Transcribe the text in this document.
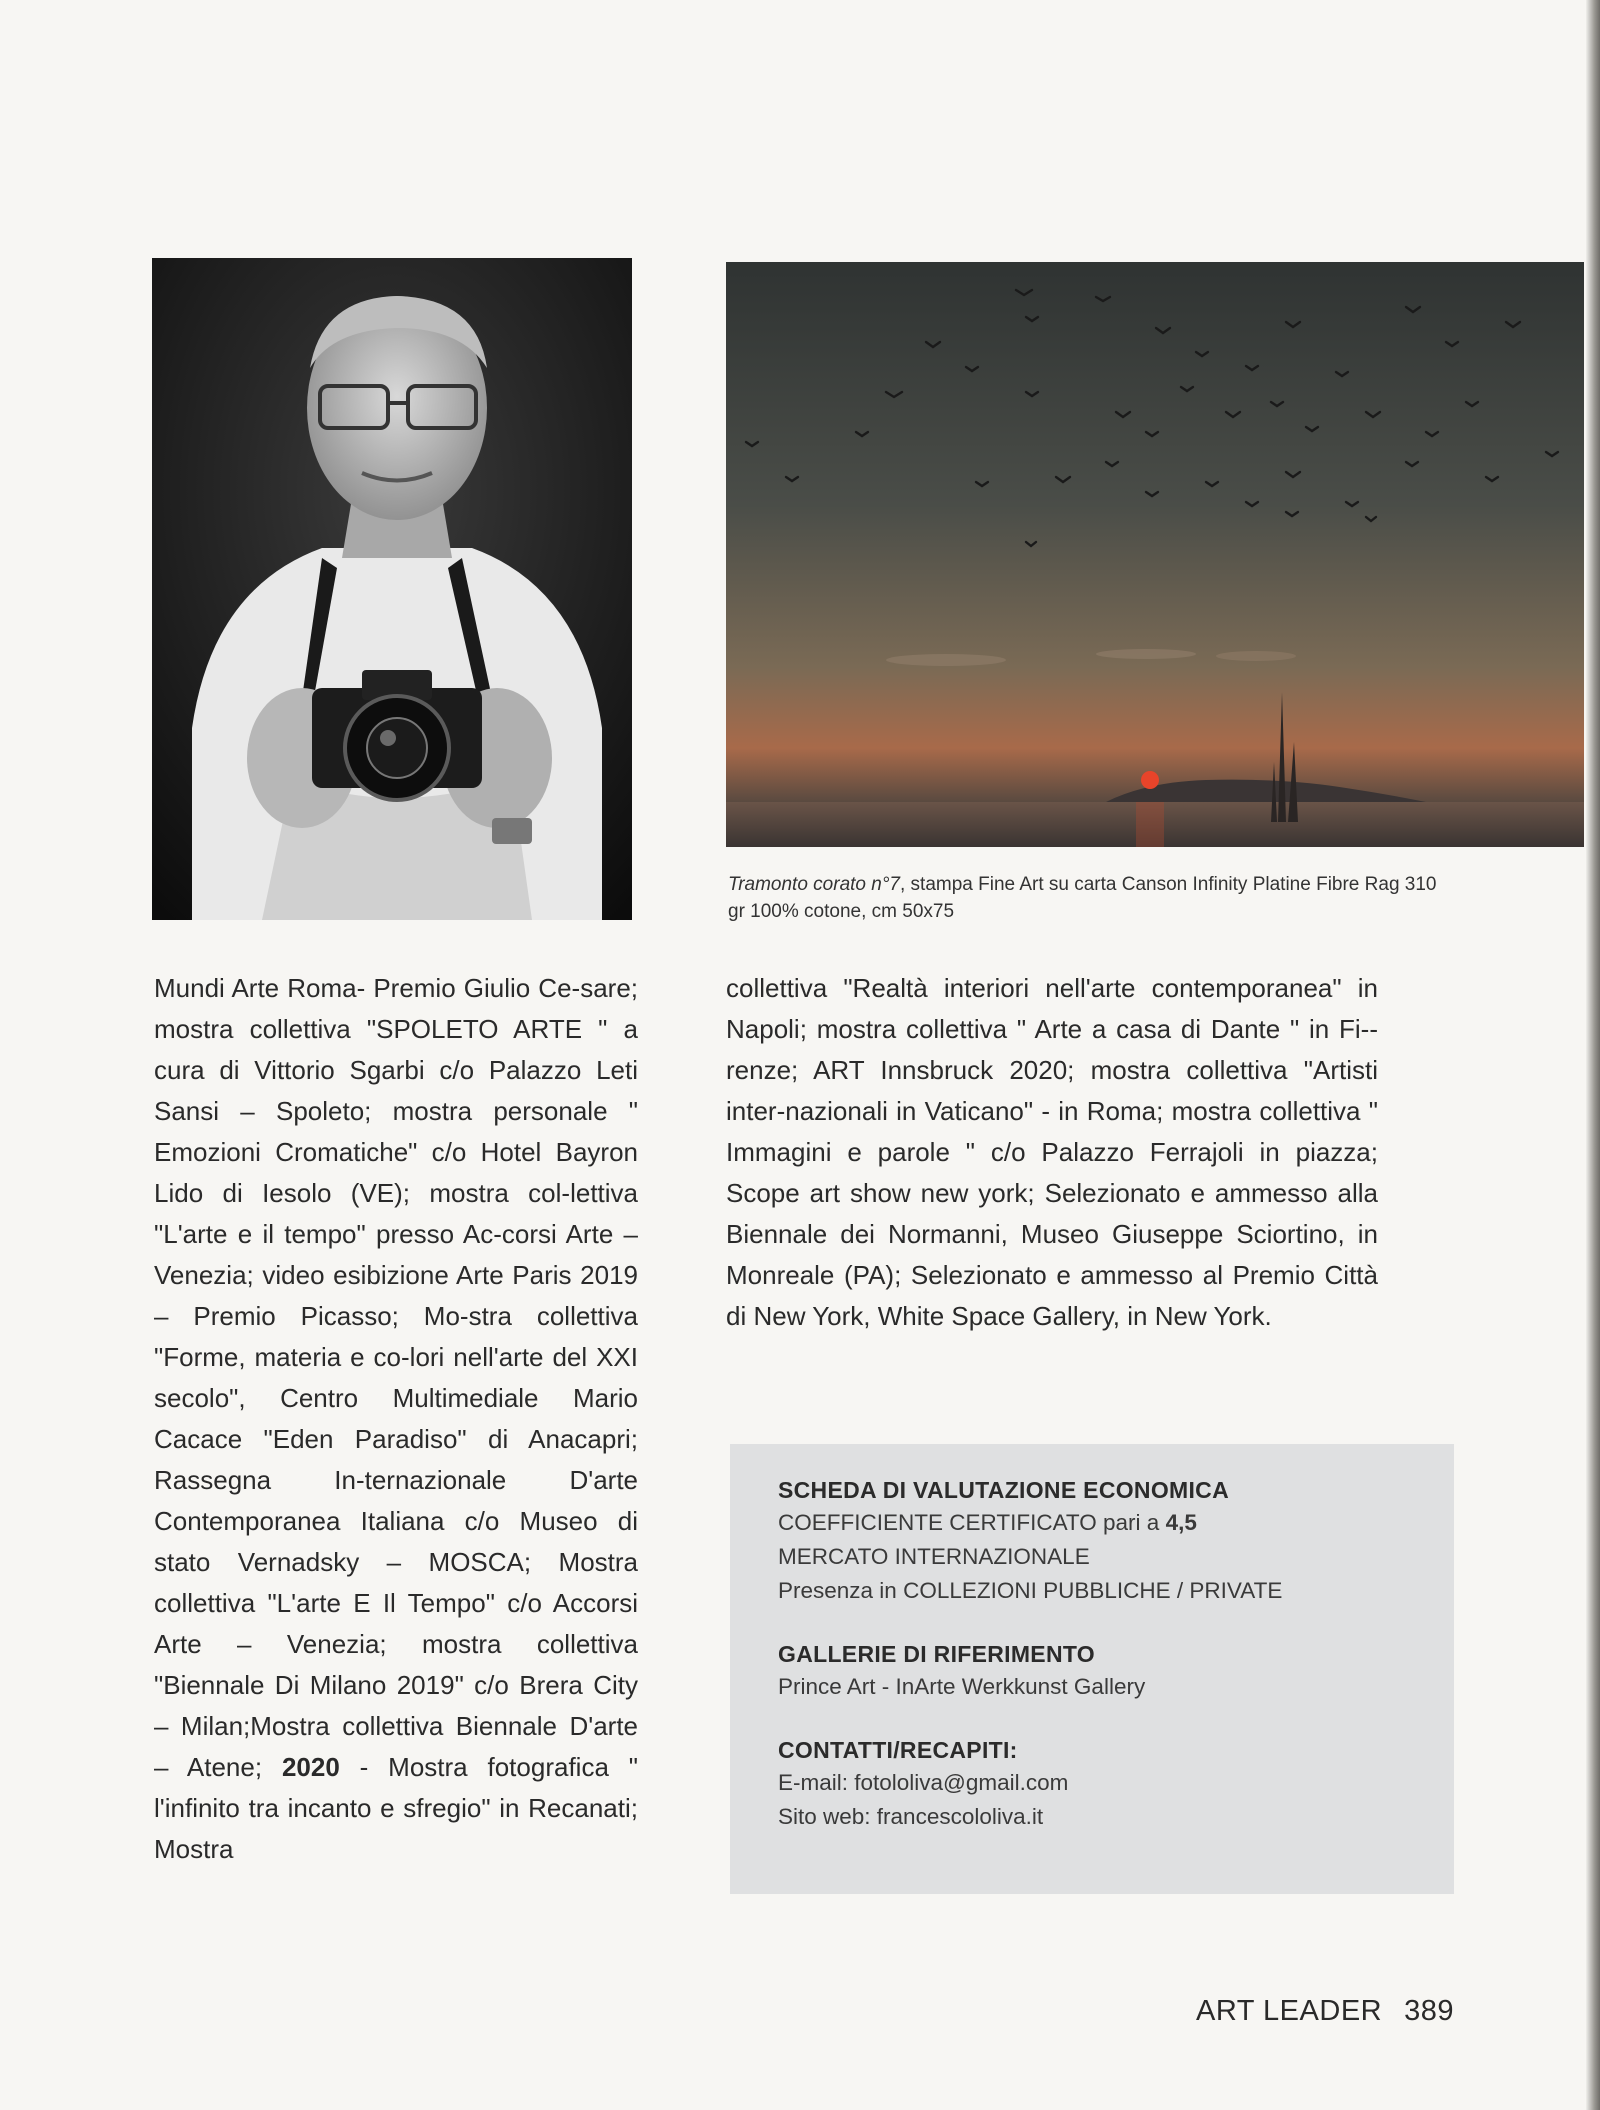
Tramonto corato n°7, stampa Fine Art su carta Canson Infinity Platine Fibre Rag 310 gr 100% cotone, cm 50x75
Mundi Arte Roma- Premio Giulio Ce-sare; mostra collettiva "SPOLETO ARTE " a cura di Vittorio Sgarbi c/o Palazzo Leti Sansi – Spoleto; mostra personale " Emozioni Cromatiche" c/o Hotel Bayron Lido di Iesolo (VE); mostra col-lettiva "L'arte e il tempo" presso Ac-corsi Arte – Venezia; video esibizione Arte Paris 2019 – Premio Picasso; Mo-stra collettiva "Forme, materia e co-lori nell'arte del XXI secolo", Centro Multimediale Mario Cacace "Eden Paradiso" di Anacapri; Rassegna In-ternazionale D'arte Contemporanea Italiana c/o Museo di stato Vernadsky – MOSCA; Mostra collettiva "L'arte E Il Tempo" c/o Accorsi Arte – Venezia; mostra collettiva "Biennale Di Milano 2019" c/o Brera City – Milan;Mostra collettiva Biennale D'arte – Atene; 2020 - Mostra fotografica " l'infinito tra incanto e sfregio" in Recanati; Mostra
collettiva "Realtà interiori nell'arte contemporanea" in Napoli; mostra collettiva " Arte a casa di Dante " in Fi-renze; ART Innsbruck 2020; mostra collettiva "Artisti inter-nazionali in Vaticano" - in Roma; mostra collettiva " Immagini e parole " c/o Palazzo Ferrajoli in piazza; Scope art show new york; Selezionato e ammesso alla Biennale dei Normanni, Museo Giuseppe Sciortino, in Monreale (PA); Selezionato e ammesso al Premio Città di New York, White Space Gallery, in New York.
SCHEDA DI VALUTAZIONE ECONOMICA
COEFFICIENTE CERTIFICATO pari a 4,5
MERCATO INTERNAZIONALE
Presenza in COLLEZIONI PUBBLICHE / PRIVATE
GALLERIE DI RIFERIMENTO
Prince Art - InArte Werkkunst Gallery
CONTATTI/RECAPITI:
E-mail: fotololiva@gmail.com
Sito web: francescololiva.it
ART LEADER 389
